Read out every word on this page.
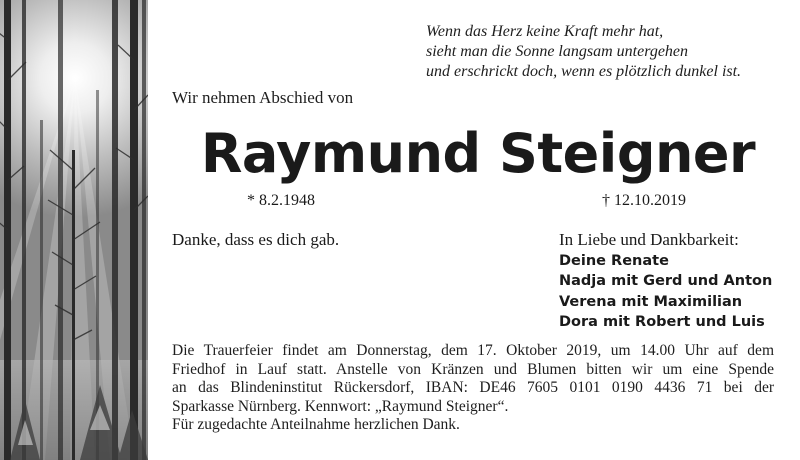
Wenn das Herz keine Kraft mehr hat,
sieht man die Sonne langsam untergehen
und erschrickt doch, wenn es plötzlich dunkel ist.
Wir nehmen Abschied von
Raymund Steigner
* 8.2.1948	† 12.10.2019
Danke, dass es dich gab.	In Liebe und Dankbarkeit:
Deine Renate
Nadja mit Gerd und Anton
Verena mit Maximilian
Dora mit Robert und Luis
Die Trauerfeier findet am Donnerstag, dem 17. Oktober 2019, um 14.00 Uhr auf dem
Friedhof in Lauf statt. Anstelle von Kränzen und Blumen bitten wir um eine Spende
an das Blindeninstitut Rückersdorf, IBAN: DE46 7605 0101 0190 4436 71 bei der
Sparkasse Nürnberg. Kennwort: „Raymund Steigner“.
Für zugedachte Anteilnahme herzlichen Dank.
